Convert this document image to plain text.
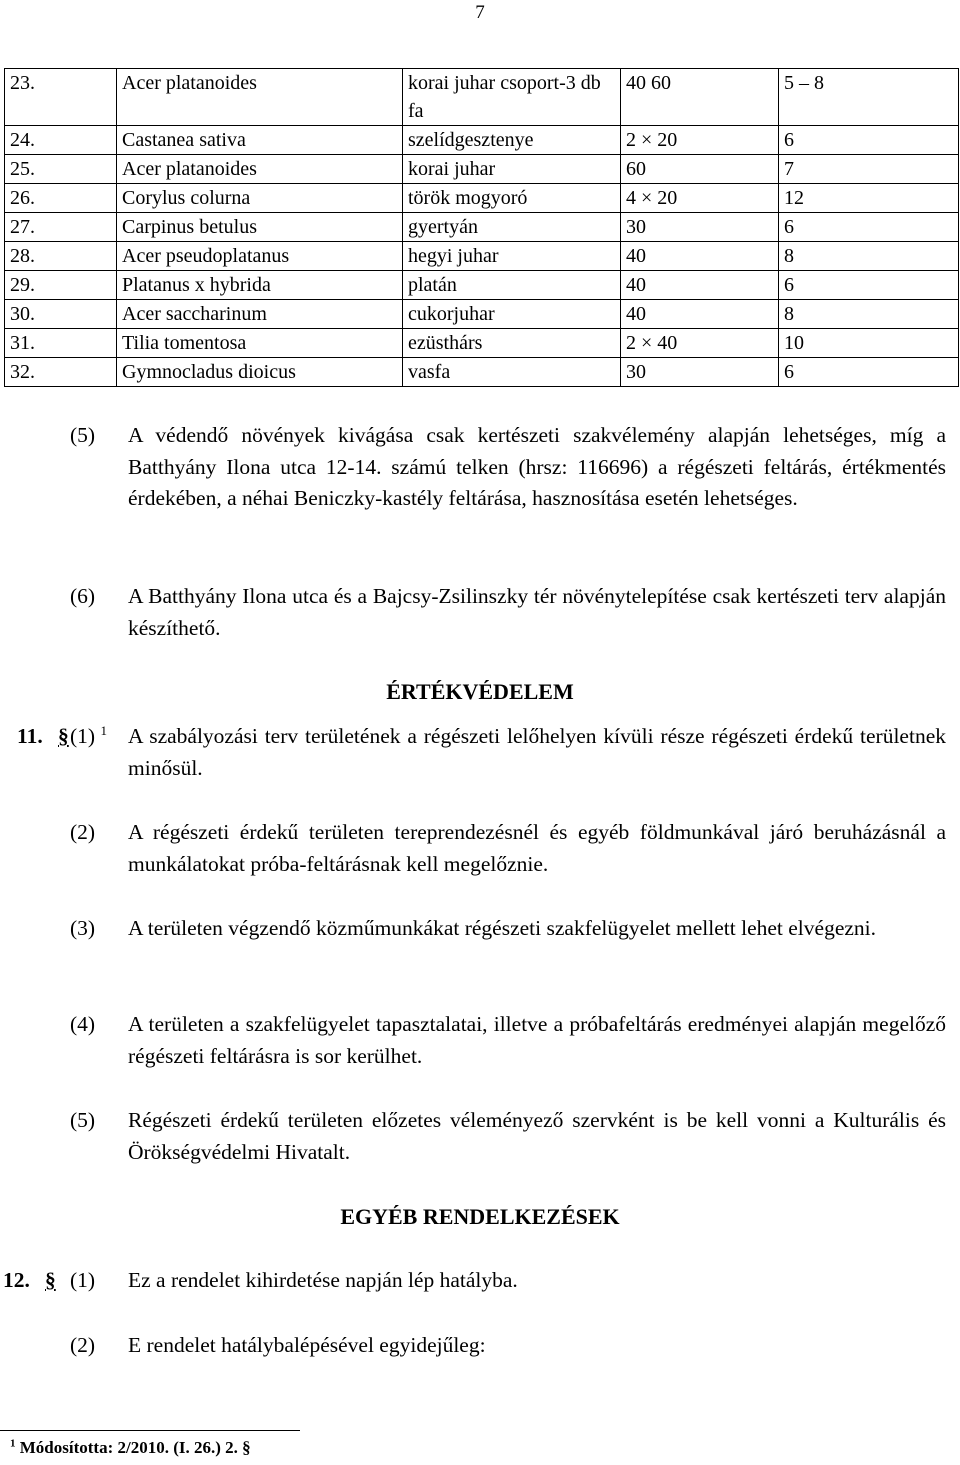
7
23.	Acer platanoides	korai juhar csoport-3 db fa	40 60	5 – 8
24.	Castanea sativa	szelídgesztenye	2 × 20	6
25.	Acer platanoides	korai juhar	60	7
26.	Corylus colurna	török mogyoró	4 × 20	12
27.	Carpinus betulus	gyertyán	30	6
28.	Acer pseudoplatanus	hegyi juhar	40	8
29.	Platanus x hybrida	platán	40	6
30.	Acer saccharinum	cukorjuhar	40	8
31.	Tilia tomentosa	ezüsthárs	2 × 40	10
32.	Gymnocladus dioicus	vasfa	30	6
(5) A védendő növények kivágása csak kertészeti szakvélemény alapján lehetséges, míg a Batthyány Ilona utca 12-14. számú telken (hrsz: 116696) a régészeti feltárás, értékmentés érdekében, a néhai Beniczky-kastély feltárása, hasznosítása esetén lehetséges.
(6) A Batthyány Ilona utca és a Bajcsy-Zsilinszky tér növénytelepítése csak kertészeti terv alapján készíthető.
ÉRTÉKVÉDELEM
11. § (1) $^1$ A szabályozási terv területének a régészeti lelőhelyen kívüli része régészeti érdekű területnek minősül.
(2) A régészeti érdekű területen tereprendezésnél és egyéb földmunkával járó beruházásnál a munkálatokat próba-feltárásnak kell megelőznie.
(3) A területen végzendő közműmunkákat régészeti szakfelügyelet mellett lehet elvégezni.
(4) A területen a szakfelügyelet tapasztalatai, illetve a próbafeltárás eredményei alapján megelőző régészeti feltárásra is sor kerülhet.
(5) Régészeti érdekű területen előzetes véleményező szervként is be kell vonni a Kulturális és Örökségvédelmi Hivatalt.
EGYÉB RENDELKEZÉSEK
12. § (1) Ez a rendelet kihirdetése napján lép hatályba.
(2) E rendelet hatálybalépésével egyidejűleg:
$^1$ Módosította: 2/2010. (I. 26.) 2. §
